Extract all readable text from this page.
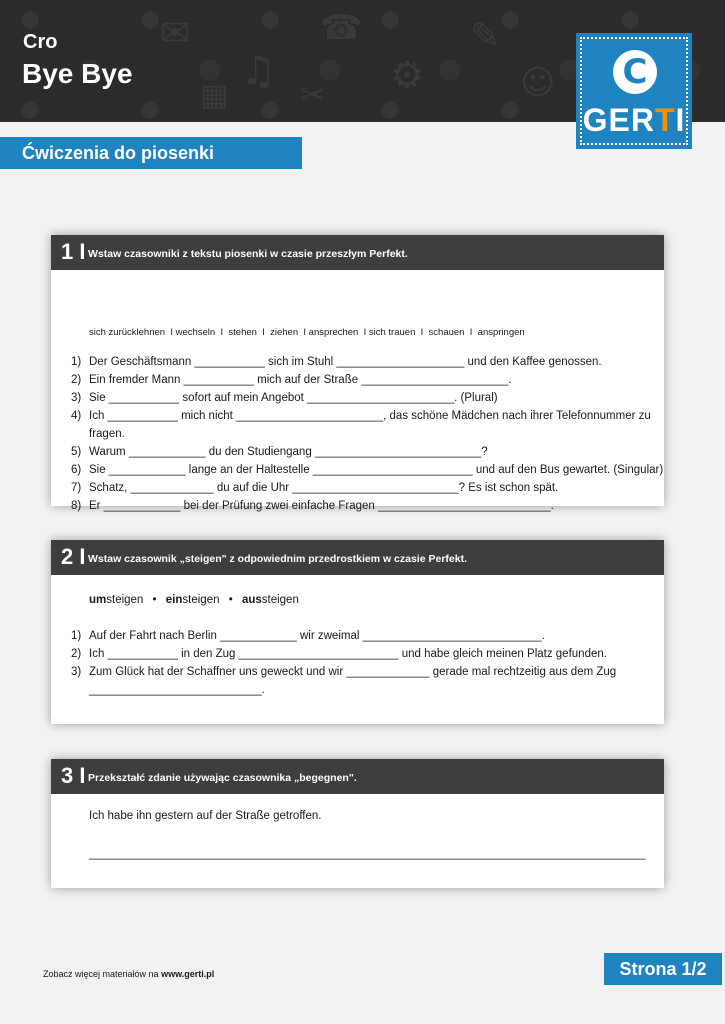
✉
♫
☎
⚙
✎
☺
▦ ✂
Cro
Bye Bye	C
GERTI
Ćwiczenia do piosenki
1 I Wstaw czasowniki z tekstu piosenki w czasie przeszłym Perfekt.
sich zurücklehnen  I wechseln  I  stehen  I  ziehen  I ansprechen  I sich trauen  I  schauen  I  anspringen
1) Der Geschäftsmann ___________ sich im Stuhl ____________________ und den Kaffee genossen.
2) Ein fremder Mann ___________ mich auf der Straße _______________________.
3) Sie ___________ sofort auf mein Angebot _______________________. (Plural)
4) Ich ___________ mich nicht _______________________, das schöne Mädchen nach ihrer Telefonnummer zu
fragen.
5) Warum ____________ du den Studiengang __________________________?
6) Sie ____________ lange an der Haltestelle _________________________ und auf den Bus gewartet. (Singular)
7) Schatz, _____________ du auf die Uhr __________________________? Es ist schon spät.
8) Er ____________ bei der Prüfung zwei einfache Fragen ___________________________.
2 I Wstaw czasownik „steigen" z odpowiednim przedrostkiem w czasie Perfekt.
umsteigen • einsteigen • aussteigen
1) Auf der Fahrt nach Berlin ____________ wir zweimal ____________________________.
2) Ich ___________ in den Zug _________________________ und habe gleich meinen Platz gefunden.
3) Zum Glück hat der Schaffner uns geweckt und wir _____________ gerade mal rechtzeitig aus dem Zug
___________________________.
3 I Przekształć zdanie używając czasownika „begegnen".
Ich habe ihn gestern auf der Straße getroffen.
_______________________________________________________________________________________
Zobacz więcej materiałów na www.gerti.pl	Strona 1/2
